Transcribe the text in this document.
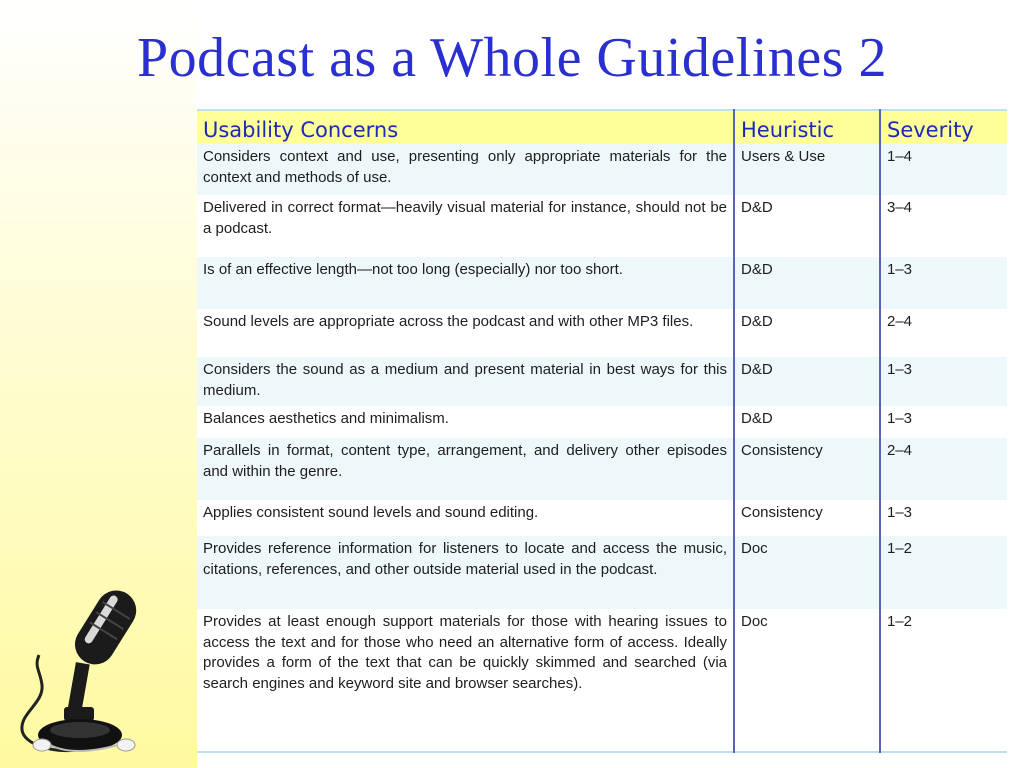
Podcast as a Whole Guidelines 2
Usability Concerns	Heuristic	Severity
Considers context and use, presenting only appropriate materials for the context and methods of use.	Users & Use	1–4
Delivered in correct format—heavily visual material for instance, should not be a podcast.	D&D	3–4
Is of an effective length—not too long (especially) nor too short.	D&D	1–3
Sound levels are appropriate across the podcast and with other MP3 files.	D&D	2–4
Considers the sound as a medium and present material in best ways for this medium.	D&D	1–3
Balances aesthetics and minimalism.	D&D	1–3
Parallels in format, content type, arrangement, and delivery other episodes and within the genre.	Consistency	2–4
Applies consistent sound levels and sound editing.	Consistency	1–3
Provides reference information for listeners to locate and access the music, citations, references, and other outside material used in the podcast.	Doc	1–2
Provides at least enough support materials for those with hearing issues to access the text and for those who need an alternative form of access. Ideally provides a form of the text that can be quickly skimmed and searched (via search engines and keyword site and browser searches).	Doc	1–2
